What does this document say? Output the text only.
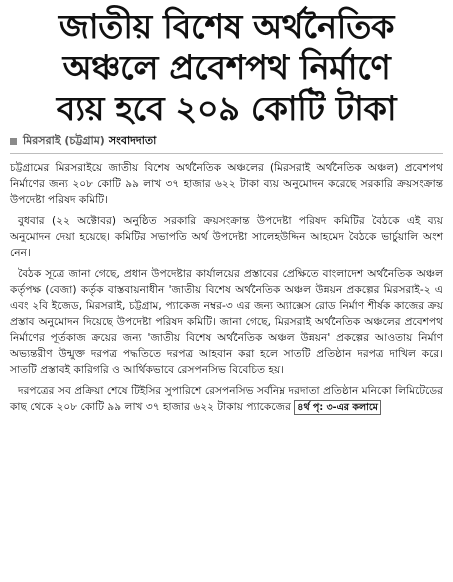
জাতীয় বিশেষ অর্থনৈতিক
অঞ্চলে প্রবেশপথ নির্মাণে
ব্যয় হবে ২০৯ কোটি টাকা
মিরসরাই (চট্টগ্রাম) সংবাদদাতা

চট্টগ্রামের মিরসরাইয়ে জাতীয় বিশেষ অর্থনৈতিক অঞ্চলের (মিরসরাই অর্থনৈতিক অঞ্চল) প্রবেশপথ নির্মাণের জন্য ২০৮ কোটি ৯৯ লাখ ৩৭ হাজার ৬২২ টাকা ব্যয় অনুমোদন করেছে সরকারি ক্রয়সংক্রান্ত উপদেষ্টা পরিষদ কমিটি।

বুধবার (২২ অক্টোবর) অনুষ্ঠিত সরকারি ক্রয়সংক্রান্ত উপদেষ্টা পরিষদ কমিটির বৈঠকে এই ব্যয় অনুমোদন দেয়া হয়েছে। কমিটির সভাপতি অর্থ উপদেষ্টা সালেহউদ্দিন আহমেদ বৈঠকে ভার্চুয়ালি অংশ নেন।

বৈঠক সূত্রে জানা গেছে, প্রধান উপদেষ্টার কার্যালয়ের প্রস্তাবের প্রেক্ষিতে বাংলাদেশ অর্থনৈতিক অঞ্চল কর্তৃপক্ষ (বেজা) কর্তৃক বাস্তবায়নাধীন 'জাতীয় বিশেষ অর্থনৈতিক অঞ্চল উন্নয়ন প্রকল্পের মিরসরাই-২ এ এবং ২বি ইজেড, মিরসরাই, চট্টগ্রাম, প্যাকেজ নম্বর-৩ এর জন্য অ্যাক্সেস রোড নির্মাণ শীর্ষক কাজের ক্রয় প্রস্তাব অনুমোদন দিয়েছে উপদেষ্টা পরিষদ কমিটি। জানা গেছে, মিরসরাই অর্থনৈতিক অঞ্চলের প্রবেশপথ নির্মাণের পূর্তকাজ ক্রয়ের জন্য 'জাতীয় বিশেষ অর্থনৈতিক অঞ্চল উন্নয়ন' প্রকল্পের আওতায় নির্মাণ অভ্যন্তরীণ উন্মুক্ত দরপত্র পদ্ধতিতে দরপত্র আহবান করা হলে সাতটি প্রতিষ্ঠান দরপত্র দাখিল করে। সাতটি প্রস্তাবই কারিগরি ও আর্থিকভাবে রেসপনসিভ বিবেচিত হয়।

দরপত্রের সব প্রক্রিয়া শেষে টিইসির সুপারিশে রেসপনসিভ সর্বনিম্ন দরদাতা প্রতিষ্ঠান মনিকো লিমিটেডের কাছ থেকে ২০৮ কোটি ৯৯ লাখ ৩৭ হাজার ৬২২ টাকায় প্যাকেজের ৪র্থ পৃ: ৩-এর কলামে
